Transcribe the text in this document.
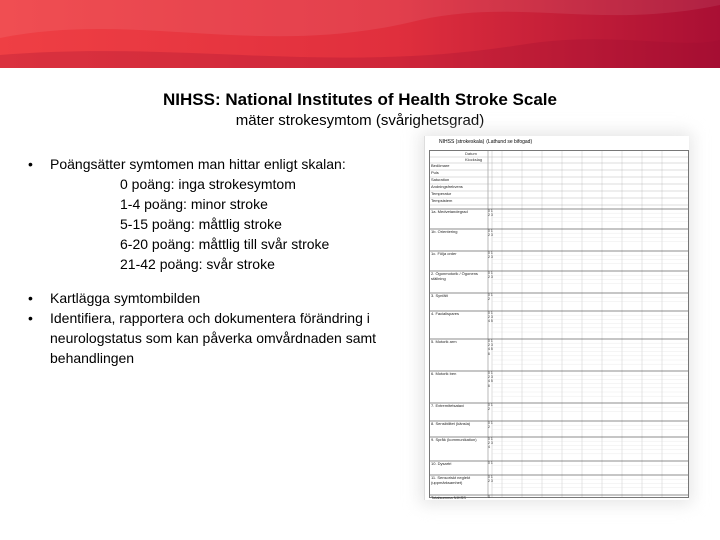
NIHSS: National Institutes of Health Stroke Scale
mäter strokesymtom (svårighetsgrad)
•	Poängsätter symtomen man hittar enligt skalan:
0 poäng: inga strokesymtom
1-4 poäng: minor stroke
5-15 poäng: måttlig stroke
6-20 poäng: måttlig till svår stroke
21-42 poäng: svår stroke
•	Kartlägga symtombilden
•	Identifiera, rapportera och dokumentera förändring i neurologstatus som kan påverka omvårdnaden samt behandlingen
NIHSS (strokeskala) (Lathund se bifogad)
Bedömare
Puls
Saturation
Andningsfrekvens
Temperatur
Tempsistem
Datum
Klockslag
1a. Medvetandegrad	0 1 2 3
1b. Orientering	0 1 2 3
1c. Följa order	0 1 2 3
2. Ögonmotorik / Ögonens ställning
0 1 2 3
3. Synfält	0 1 2
4. Facialispares	0 1 2 3 4 5
5. Motorik arm	0 1 2 3 4 5 6
6. Motorik ben	0 1 2 3 4 5 6
7. Extremitetsataxi	0 1 2
8. Sensibilitet (känsla)	0 1 2
9. Språk (kommunikation)	0 1 2 3 4
10. Dysartri	0 1
11. Sensoriskt neglekt (uppmärksamhet)
0 1 2 3
Totalsumma NIHSS	0
